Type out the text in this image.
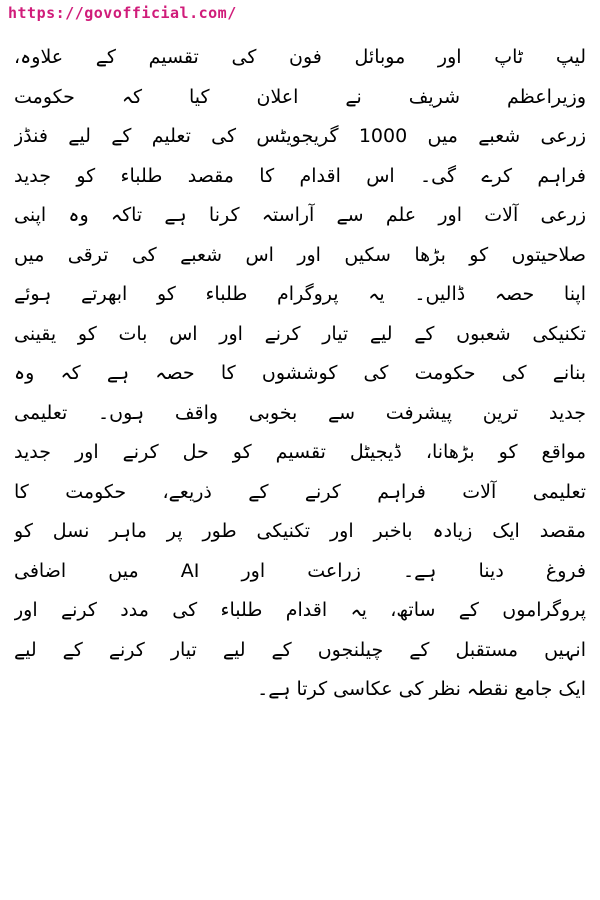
https://govofficial.com/
لیپ ٹاپ اور موبائل فون کی تقسیم کے علاوہ،
وزیراعظم شریف نے اعلان کیا کہ حکومت
زرعی شعبے میں 1000 گریجویٹس کی تعلیم کے لیے فنڈز
فراہم کرے گی۔ اس اقدام کا مقصد طلباء کو جدید
زرعی آلات اور علم سے آراستہ کرنا ہے تاکہ وہ اپنی
صلاحیتوں کو بڑھا سکیں اور اس شعبے کی ترقی میں
اپنا حصہ ڈالیں۔ یہ پروگرام طلباء کو ابھرتے ہوئے
تکنیکی شعبوں کے لیے تیار کرنے اور اس بات کو یقینی
بنانے کی حکومت کی کوششوں کا حصہ ہے کہ وہ
جدید ترین پیشرفت سے بخوبی واقف ہوں۔ تعلیمی
مواقع کو بڑھانا، ڈیجیٹل تقسیم کو حل کرنے اور جدید
تعلیمی آلات فراہم کرنے کے ذریعے، حکومت کا
مقصد ایک زیادہ باخبر اور تکنیکی طور پر ماہر نسل کو
فروغ دینا ہے۔ زراعت اور AI میں اضافی
پروگراموں کے ساتھ، یہ اقدام طلباء کی مدد کرنے اور
انہیں مستقبل کے چیلنجوں کے لیے تیار کرنے کے لیے
ایک جامع نقطہ نظر کی عکاسی کرتا ہے۔
